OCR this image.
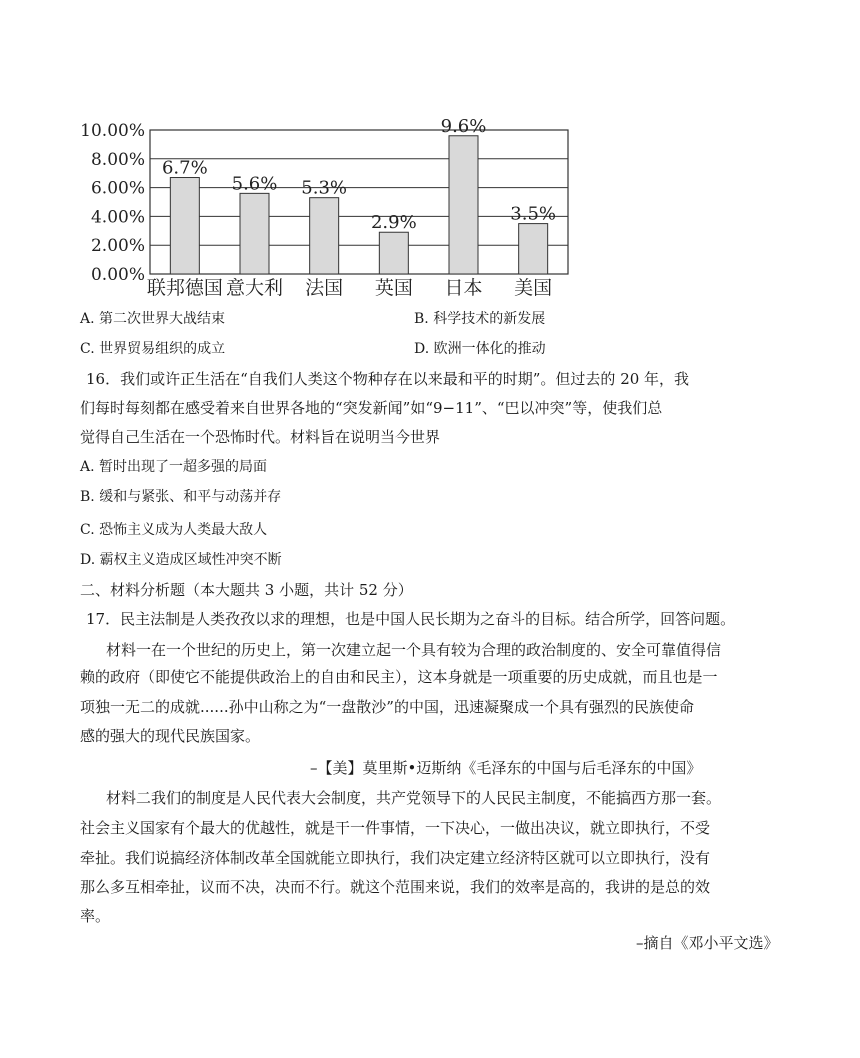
10.00%
8.00%
6.00%
4.00%
2.00%
0.00%
6.7%
5.6% 5.3%
2.9%
9.6%
3.5%
联邦德国 意大利 法国 英国 日本 美国
A. 第二次世界大战结束	B. 科学技术的新发展
C. 世界贸易组织的成立	D. 欧洲一体化的推动
16．我们或许正生活在“自我们人类这个物种存在以来最和平的时期”。但过去的 20 年，我
们每时每刻都在感受着来自世界各地的“突发新闻”如“9−11”、“巴以冲突”等，使我们总
觉得自己生活在一个恐怖时代。材料旨在说明当今世界
A. 暂时出现了一超多强的局面
B. 缓和与紧张、和平与动荡并存
C. 恐怖主义成为人类最大敌人
D. 霸权主义造成区域性冲突不断
二、材料分析题（本大题共 3 小题，共计 52 分）
17．民主法制是人类孜孜以求的理想，也是中国人民长期为之奋斗的目标。结合所学，回答问题。
材料一在一个世纪的历史上，第一次建立起一个具有较为合理的政治制度的、安全可靠值得信
赖的政府（即使它不能提供政治上的自由和民主），这本身就是一项重要的历史成就，而且也是一
项独一无二的成就......孙中山称之为“一盘散沙”的中国，迅速凝聚成一个具有强烈的民族使命
感的强大的现代民族国家。
–【美】莫里斯•迈斯纳《毛泽东的中国与后毛泽东的中国》
材料二我们的制度是人民代表大会制度，共产党领导下的人民民主制度，不能搞西方那一套。
社会主义国家有个最大的优越性，就是干一件事情，一下决心，一做出决议，就立即执行，不受
牵扯。我们说搞经济体制改革全国就能立即执行，我们决定建立经济特区就可以立即执行，没有
那么多互相牵扯，议而不决，决而不行。就这个范围来说，我们的效率是高的，我讲的是总的效
率。
–摘自《邓小平文选》
